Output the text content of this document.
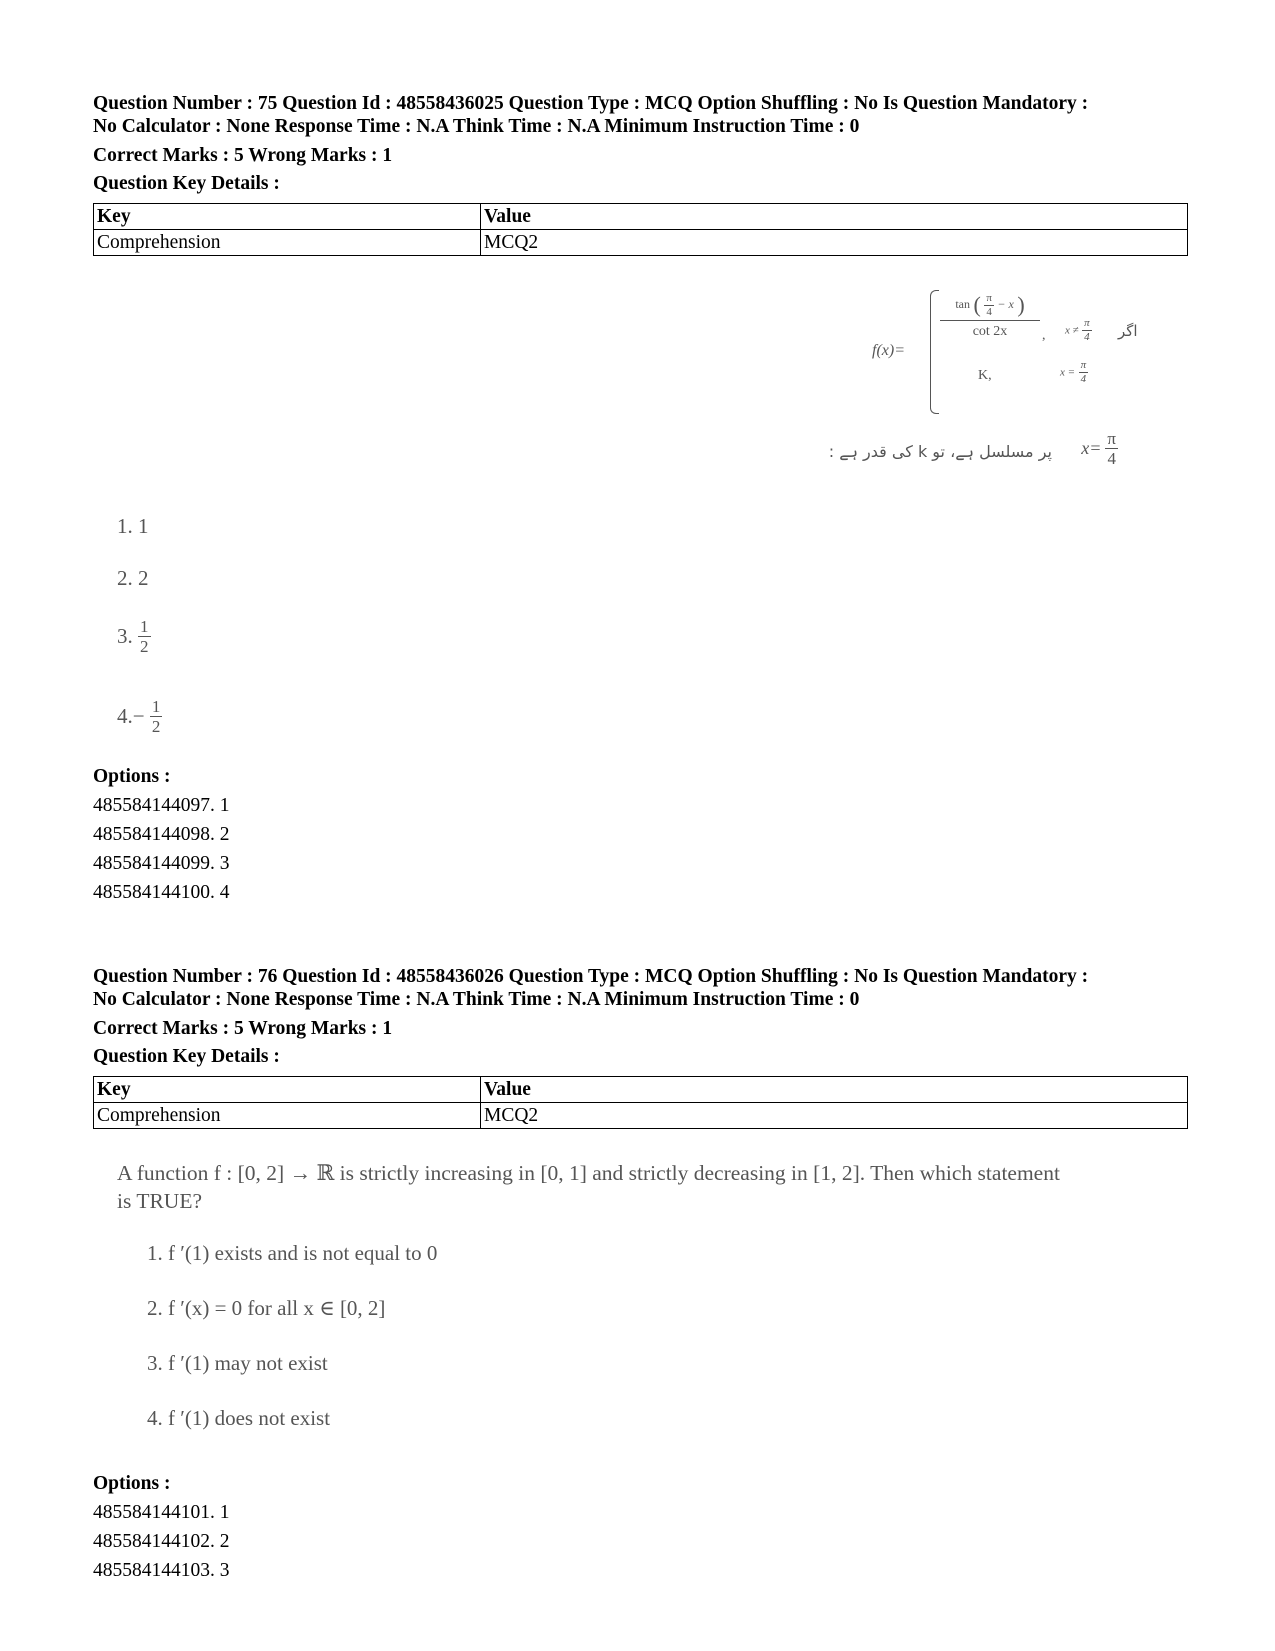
Question Number : 75 Question Id : 48558436025 Question Type : MCQ Option Shuffling : No Is Question Mandatory :
No Calculator : None Response Time : N.A Think Time : N.A Minimum Instruction Time : 0
Correct Marks : 5 Wrong Marks : 1
Question Key Details :
Key	Value
Comprehension	MCQ2
f(x)=
tan ( $\frac{\pi}{4} - x$ )
cot 2x	, $x \ne \frac{\pi}{4}$ اگر
K,	$x = \frac{\pi}{4}$
پر مسلسل ہے، تو k کی قدر ہے : $x= \frac{\pi}{4}$
1. 1
2. 2
3. $\frac{1}{2}$
$4.- \frac{1}{2}$
Options :
485584144097. 1
485584144098. 2
485584144099. 3
485584144100. 4
Question Number : 76 Question Id : 48558436026 Question Type : MCQ Option Shuffling : No Is Question Mandatory :
No Calculator : None Response Time : N.A Think Time : N.A Minimum Instruction Time : 0
Correct Marks : 5 Wrong Marks : 1
Question Key Details :
Key	Value
Comprehension	MCQ2
A function f : [0, 2] → ℝ is strictly increasing in [0, 1] and strictly decreasing in [1, 2]. Then which statement
is TRUE?
1. f ′(1) exists and is not equal to 0
2. f ′(x) = 0 for all x ∈ [0, 2]
3. f ′(1) may not exist
4. f ′(1) does not exist
Options :
485584144101. 1
485584144102. 2
485584144103. 3
